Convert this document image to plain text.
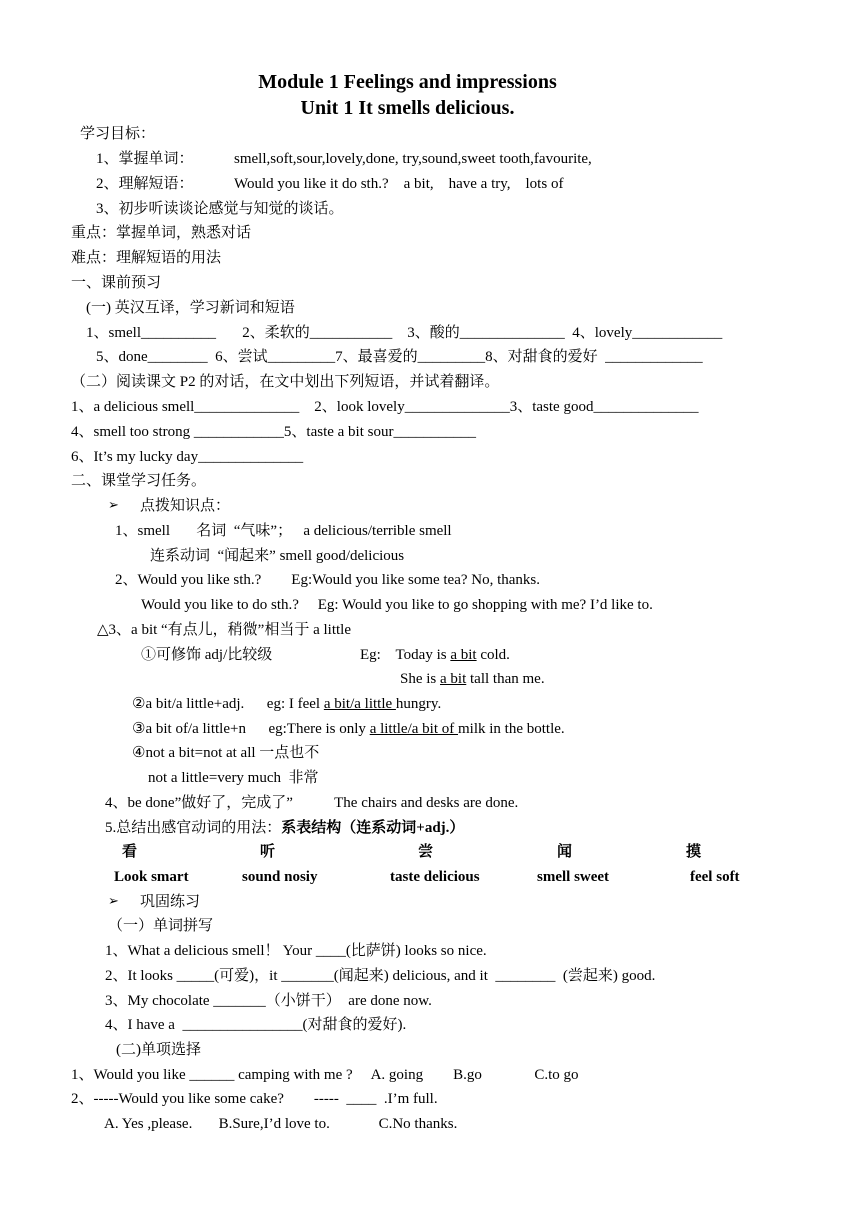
Module 1 Feelings and impressions
Unit 1 It smells delicious.
学习目标：
1、掌握单词：	smell,soft,sour,lovely,done, try,sound,sweet tooth,favourite,
2、理解短语：	Would you like it do sth.?    a bit,    have a try,    lots of
3、初步听读谈论感觉与知觉的谈话。
重点：掌握单词，熟悉对话
难点：理解短语的用法
一、课前预习
(一) 英汉互译，学习新词和短语
1、smell__________       2、柔软的___________    3、酸的______________  4、lovely____________
5、done________  6、尝试_________7、最喜爱的_________8、对甜食的爱好  _____________
（二）阅读课文 P2 的对话，在文中划出下列短语，并试着翻译。
1、a delicious smell______________    2、look lovely______________3、taste good______________
4、smell too strong ____________5、taste a bit sour___________
6、It’s my lucky day______________
二、课堂学习任务。
➢ 点拨知识点：
1、smell       名词  “气味”；   a delicious/terrible smell
连系动词  “闻起来” smell good/delicious
2、Would you like sth.?        Eg:Would you like some tea? No, thanks.
Would you like to do sth.?     Eg: Would you like to go shopping with me? I’d like to.
△3、a bit “有点儿，稍微”相当于 a little
①可修饰 adj/比较级	Eg:    Today is a bit cold.
She is a bit tall than me.
②a bit/a little+adj.      eg: I feel a bit/a little hungry.
③a bit of/a little+n      eg:There is only a little/a bit of milk in the bottle.
④not a bit=not at all 一点也不
not a little=very much  非常
4、be done”做好了，完成了”           The chairs and desks are done.
5.总结出感官动词的用法：系表结构（连系动词+adj.）
看	听	尝	闻	摸
Look smart	sound nosiy	taste delicious	smell sweet	feel soft
➢ 巩固练习
（一）单词拼写
1、What a delicious smell！ Your ____(比萨饼) looks so nice.
2、It looks _____(可爱)，it _______(闻起来) delicious, and it  ________  (尝起来) good.
3、My chocolate _______（小饼干）  are done now.
4、I have a  ________________(对甜食的爱好).
(二)单项选择
1、Would you like ______ camping with me ?     A. going        B.go              C.to go
2、-----Would you like some cake?        -----  ____  .I’m full.
A. Yes ,please.       B.Sure,I’d love to.             C.No thanks.
